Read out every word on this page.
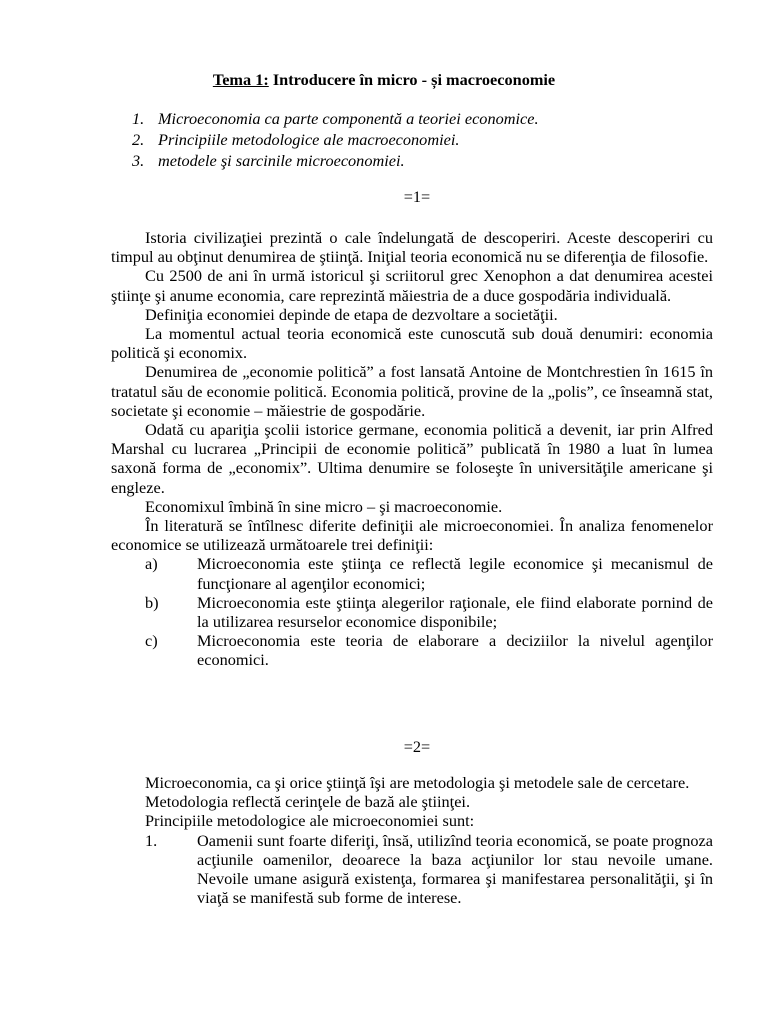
Tema 1: Introducere în micro - și macroeconomie
1. Microeconomia ca parte componentă a teoriei economice.
2. Principiile metodologice ale macroeconomiei.
3. metodele şi sarcinile microeconomiei.
=1=

Istoria civilizaţiei prezintă o cale îndelungată de descoperiri. Aceste descoperiri cu timpul au obţinut denumirea de ştiinţă. Iniţial teoria economică nu se diferenţia de filosofie.

Cu 2500 de ani în urmă istoricul şi scriitorul grec Xenophon a dat denumirea acestei ştiinţe şi anume economia, care reprezintă măiestria de a duce gospodăria individuală.

Definiţia economiei depinde de etapa de dezvoltare a societăţii.

La momentul actual teoria economică este cunoscută sub două denumiri: economia politică şi economix.

Denumirea de „economie politică” a fost lansată Antoine de Montchrestien în 1615 în tratatul său de economie politică. Economia politică, provine de la „polis”, ce înseamnă stat, societate şi economie – măiestrie de gospodărie.

Odată cu apariţia şcolii istorice germane, economia politică a devenit, iar prin Alfred Marshal cu lucrarea „Principii de economie politică” publicată în 1980 a luat în lumea saxonă forma de „economix”. Ultima denumire se foloseşte în universităţile americane şi engleze.

Economixul îmbină în sine micro – şi macroeconomie.

În literatură se întîlnesc diferite definiţii ale microeconomiei. În analiza fenomenelor economice se utilizează următoarele trei definiţii:

a)	Microeconomia este ştiinţa ce reflectă legile economice şi mecanismul de funcţionare al agenţilor economici;
b)	Microeconomia este ştiinţa alegerilor raţionale, ele fiind elaborate pornind de la utilizarea resurselor economice disponibile;
c)	Microeconomia este teoria de elaborare a deciziilor la nivelul agenţilor economici.
=2=

Microeconomia, ca şi orice ştiinţă îşi are metodologia şi metodele sale de cercetare.

Metodologia reflectă cerinţele de bază ale ştiinţei.

Principiile metodologice ale microeconomiei sunt:

1.	Oamenii sunt foarte diferiţi, însă, utilizînd teoria economică, se poate prognoza acţiunile oamenilor, deoarece la baza acţiunilor lor stau nevoile umane. Nevoile umane asigură existenţa, formarea şi manifestarea personalităţii, şi în viaţă se manifestă sub forme de interese.
